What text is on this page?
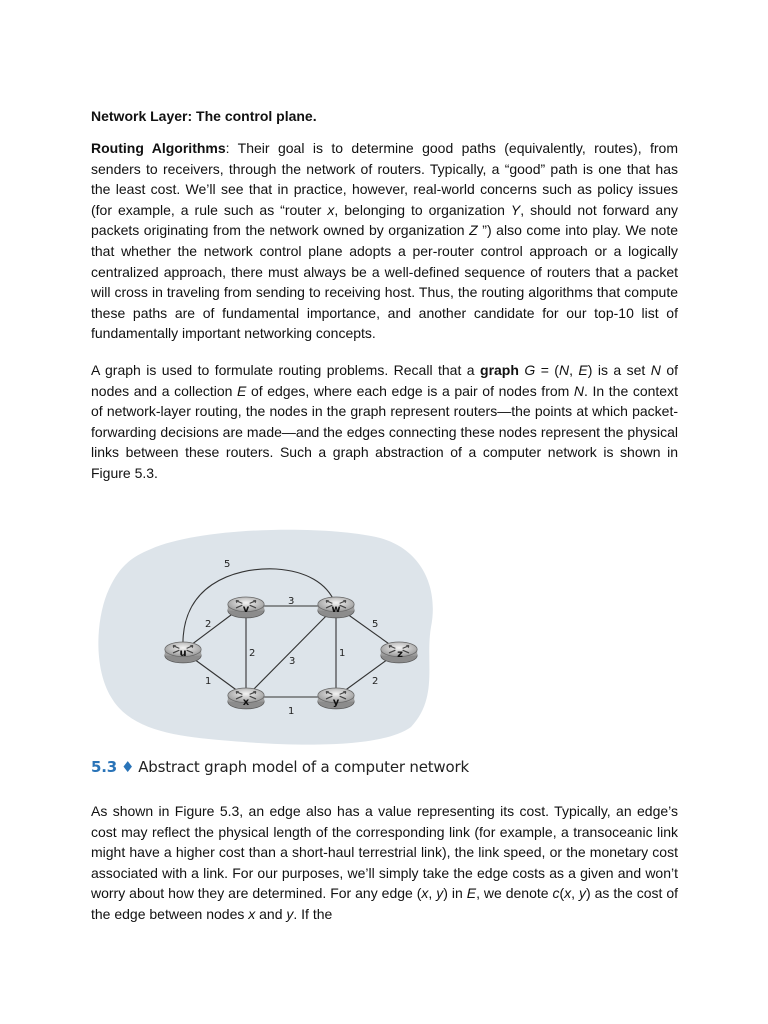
Network Layer: The control plane.

Routing Algorithms: Their goal is to determine good paths (equivalently, routes), from senders to receivers, through the network of routers. Typically, a “good” path is one that has the least cost. We’ll see that in practice, however, real-world concerns such as policy issues (for example, a rule such as “router x, belonging to organization Y, should not forward any packets originating from the network owned by organization Z ”) also come into play. We note that whether the network control plane adopts a per-router control approach or a logically centralized approach, there must always be a well-defined sequence of routers that a packet will cross in traveling from sending to receiving host. Thus, the routing algorithms that compute these paths are of fundamental importance, and another candidate for our top-10 list of fundamentally important networking concepts.

A graph is used to formulate routing problems. Recall that a graph G = (N, E) is a set N of nodes and a collection E of edges, where each edge is a pair of nodes from N. In the context of network-layer routing, the nodes in the graph represent routers—the points at which packet-forwarding decisions are made—and the edges connecting these nodes represent the physical links between these routers. Such a graph abstraction of a computer network is shown in Figure 5.3.

5
3
2
2
3
1
5
1	2
1
u
v	w
x	y
z
5.3 ♦ Abstract graph model of a computer network

As shown in Figure 5.3, an edge also has a value representing its cost. Typically, an edge’s cost may reflect the physical length of the corresponding link (for example, a transoceanic link might have a higher cost than a short-haul terrestrial link), the link speed, or the monetary cost associated with a link. For our purposes, we’ll simply take the edge costs as a given and won’t worry about how they are determined. For any edge (x, y) in E, we denote c(x, y) as the cost of the edge between nodes x and y. If the
